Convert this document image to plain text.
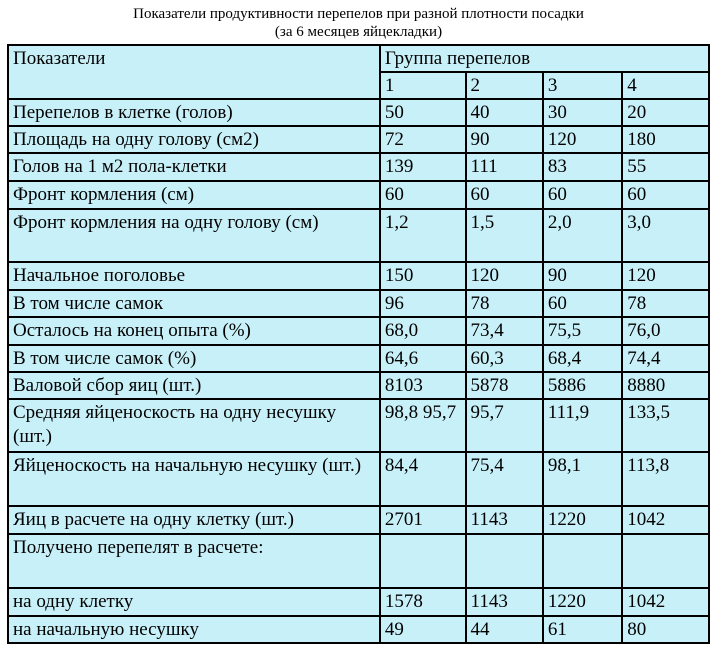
Показатели продуктивности перепелов при разной плотности посадки
(за 6 месяцев яйцекладки)
Показатели	Группа перепелов			
	1	2	3	4
Перепелов в клетке (голов)	50	40	30	20
Площадь на одну голову (см2)	72	90	120	180
Голов на 1 м2 пола-клетки	139	111	83	55
Фронт кормления (см)	60	60	60	60
Фронт кормления на одну голову (см)	1,2	1,5	2,0	3,0
Начальное поголовье	150	120	90	120
В том числе самок	96	78	60	78
Осталось на конец опыта (%)	68,0	73,4	75,5	76,0
В том числе самок (%)	64,6	60,3	68,4	74,4
Валовой сбор яиц (шт.)	8103	5878	5886	8880
Средняя яйценоскость на одну несушку (шт.)	98,8 95,7	95,7	111,9	133,5
Яйценоскость на начальную несушку (шт.)	84,4	75,4	98,1	113,8
Яиц в расчете на одну клетку (шт.)	2701	1143	1220	1042
Получено перепелят в расчете:				
на одну клетку	1578	1143	1220	1042
на начальную несушку	49	44	61	80
